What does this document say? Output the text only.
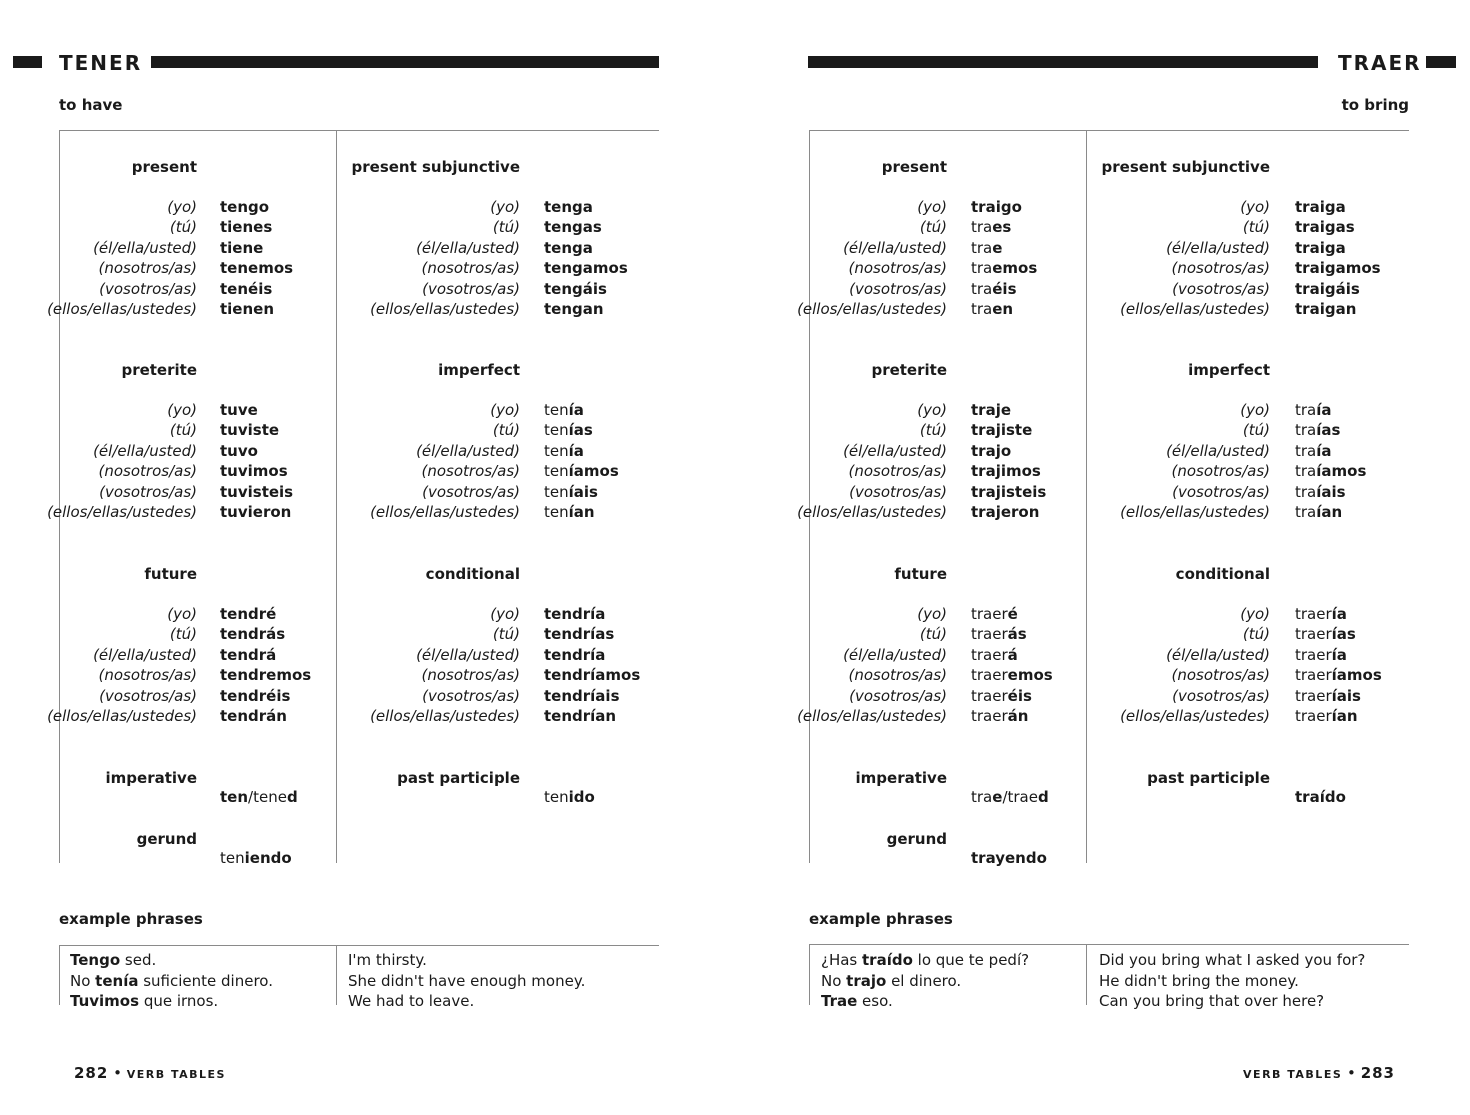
TENER
to have
present
(yo) tengo
(tú) tienes
(él/ella/usted) tiene
(nosotros/as) tenemos
(vosotros/as) tenéis
(ellos/ellas/ustedes) tienen
present subjunctive
(yo) tenga
(tú) tengas
(él/ella/usted) tenga
(nosotros/as) tengamos
(vosotros/as) tengáis
(ellos/ellas/ustedes) tengan
preterite
(yo) tuve
(tú) tuviste
(él/ella/usted) tuvo
(nosotros/as) tuvimos
(vosotros/as) tuvisteis
(ellos/ellas/ustedes) tuvieron
imperfect
(yo) tenía
(tú) tenías
(él/ella/usted) tenía
(nosotros/as) teníamos
(vosotros/as) teníais
(ellos/ellas/ustedes) tenían
future
(yo) tendré
(tú) tendrás
(él/ella/usted) tendrá
(nosotros/as) tendremos
(vosotros/as) tendréis
(ellos/ellas/ustedes) tendrán
conditional
(yo) tendría
(tú) tendrías
(él/ella/usted) tendría
(nosotros/as) tendríamos
(vosotros/as) tendríais
(ellos/ellas/ustedes) tendrían
imperative
ten/tened
past participle
tenido
gerund
teniendo
example phrases
Tengo sed.	I'm thirsty.
No tenía suficiente dinero.	She didn't have enough money.
Tuvimos que irnos.	We had to leave.
282 • VERB TABLES
TRAER
to bring
present
(yo) traigo
(tú) traes
(él/ella/usted) trae
(nosotros/as) traemos
(vosotros/as) traéis
(ellos/ellas/ustedes) traen
present subjunctive
(yo) traiga
(tú) traigas
(él/ella/usted) traiga
(nosotros/as) traigamos
(vosotros/as) traigáis
(ellos/ellas/ustedes) traigan
preterite
(yo) traje
(tú) trajiste
(él/ella/usted) trajo
(nosotros/as) trajimos
(vosotros/as) trajisteis
(ellos/ellas/ustedes) trajeron
imperfect
(yo) traía
(tú) traías
(él/ella/usted) traía
(nosotros/as) traíamos
(vosotros/as) traíais
(ellos/ellas/ustedes) traían
future
(yo) traeré
(tú) traerás
(él/ella/usted) traerá
(nosotros/as) traeremos
(vosotros/as) traeréis
(ellos/ellas/ustedes) traerán
conditional
(yo) traería
(tú) traerías
(él/ella/usted) traería
(nosotros/as) traeríamos
(vosotros/as) traeríais
(ellos/ellas/ustedes) traerían
imperative
trae/traed
past participle
traído
gerund
trayendo
example phrases
¿Has traído lo que te pedí?	Did you bring what I asked you for?
No trajo el dinero.	He didn't bring the money.
Trae eso.	Can you bring that over here?
VERB TABLES • 283
